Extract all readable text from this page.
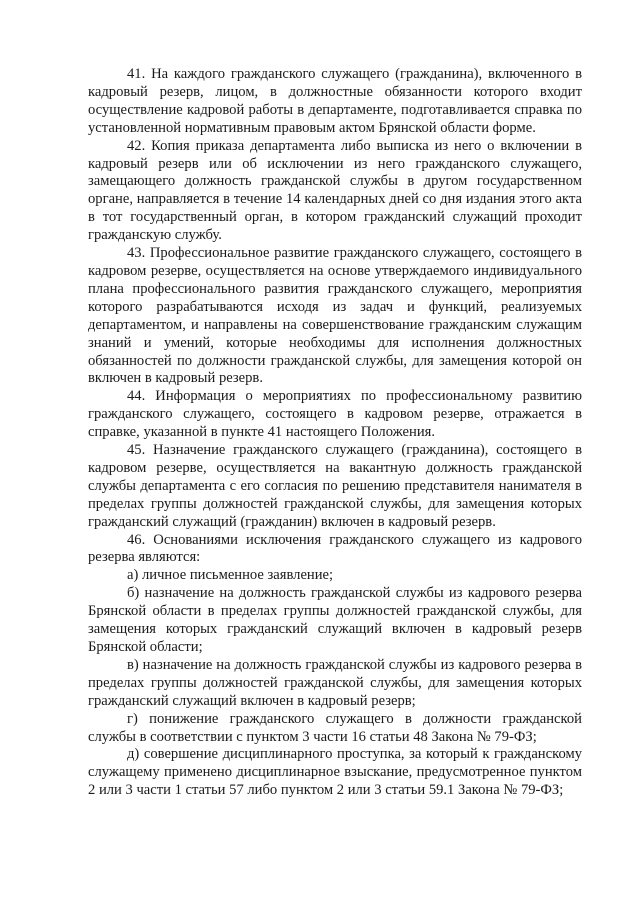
41. На каждого гражданского служащего (гражданина), включенного в кадровый резерв, лицом, в должностные обязанности которого входит осуществление кадровой работы в департаменте, подготавливается справка по установленной нормативным правовым актом Брянской области форме.

42. Копия приказа департамента либо выписка из него о включении в кадровый резерв или об исключении из него гражданского служащего, замещающего должность гражданской службы в другом государственном органе, направляется в течение 14 календарных дней со дня издания этого акта в тот государственный орган, в котором гражданский служащий проходит гражданскую службу.

43. Профессиональное развитие гражданского служащего, состоящего в кадровом резерве, осуществляется на основе утверждаемого индивидуального плана профессионального развития гражданского служащего, мероприятия которого разрабатываются исходя из задач и функций, реализуемых департаментом, и направлены на совершенствование гражданским служащим знаний и умений, которые необходимы для исполнения должностных обязанностей по должности гражданской службы, для замещения которой он включен в кадровый резерв.

44. Информация о мероприятиях по профессиональному развитию гражданского служащего, состоящего в кадровом резерве, отражается в справке, указанной в пункте 41 настоящего Положения.

45. Назначение гражданского служащего (гражданина), состоящего в кадровом резерве, осуществляется на вакантную должность гражданской службы департамента с его согласия по решению представителя нанимателя в пределах группы должностей гражданской службы, для замещения которых гражданский служащий (гражданин) включен в кадровый резерв.

46. Основаниями исключения гражданского служащего из кадрового резерва являются:

а) личное письменное заявление;

б) назначение на должность гражданской службы из кадрового резерва Брянской области в пределах группы должностей гражданской службы, для замещения которых гражданский служащий включен в кадровый резерв Брянской области;

в) назначение на должность гражданской службы из кадрового резерва в пределах группы должностей гражданской службы, для замещения которых гражданский служащий включен в кадровый резерв;

г) понижение гражданского служащего в должности гражданской службы в соответствии с пунктом 3 части 16 статьи 48 Закона № 79-ФЗ;

д) совершение дисциплинарного проступка, за который к гражданскому служащему применено дисциплинарное взыскание, предусмотренное пунктом 2 или 3 части 1 статьи 57 либо пунктом 2 или 3 статьи 59.1 Закона № 79-ФЗ;
